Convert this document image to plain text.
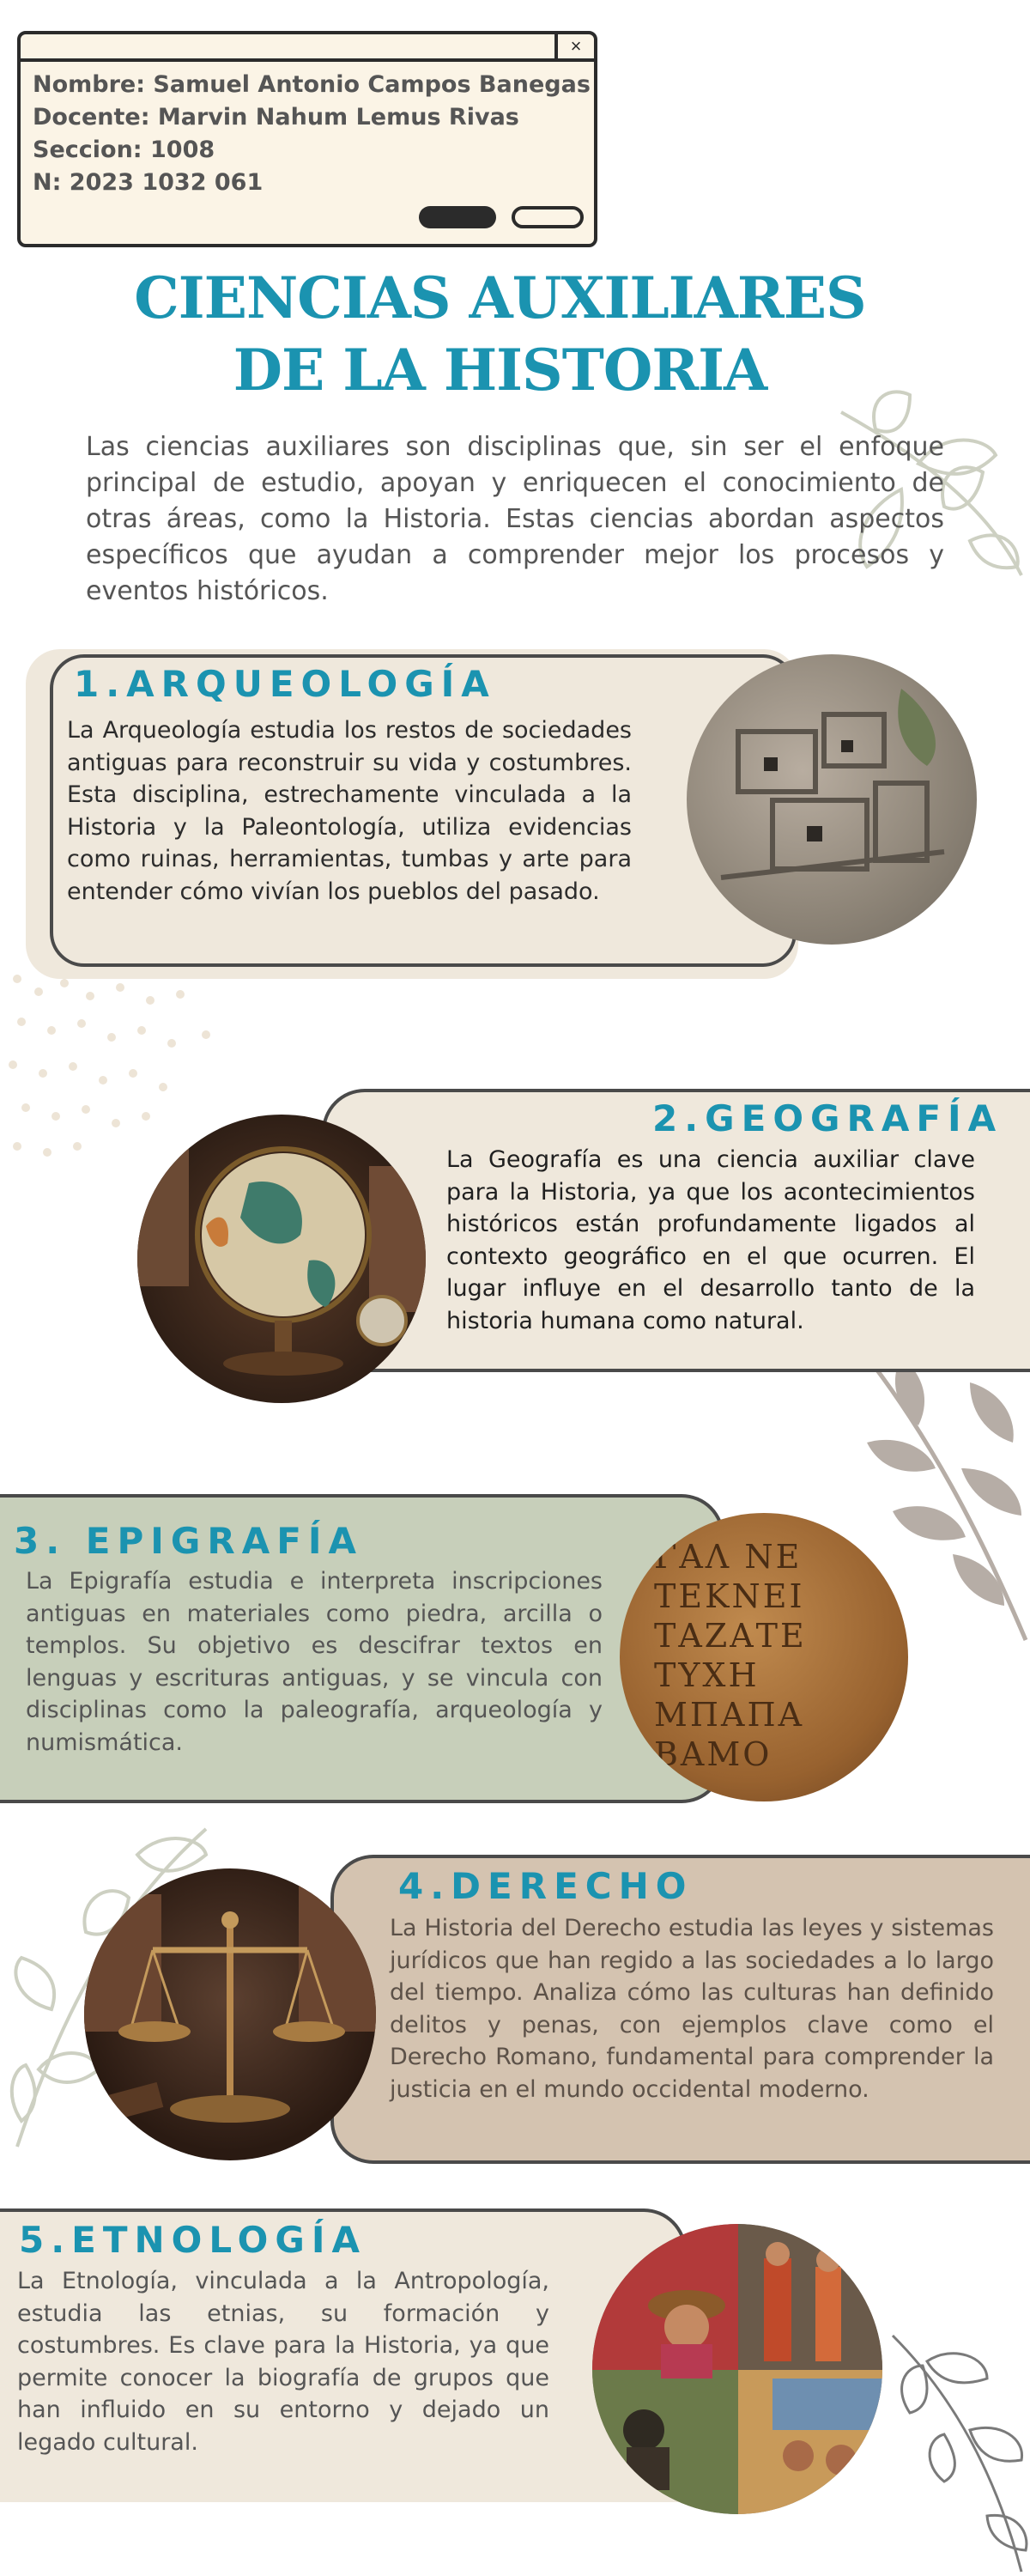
×
Nombre: Samuel Antonio Campos Banegas
Docente: Marvin Nahum Lemus Rivas
Seccion: 1008
N: 2023 1032 061
CIENCIAS AUXILIARES
DE LA HISTORIA
Las ciencias auxiliares son disciplinas que, sin ser el enfoque principal de estudio, apoyan y enriquecen el conocimiento de otras áreas, como la Historia. Estas ciencias abordan aspectos específicos que ayudan a comprender mejor los procesos y eventos históricos.
1.ARQUEOLOGÍA
La Arqueología estudia los restos de sociedades antiguas para reconstruir su vida y costumbres. Esta disciplina, estrechamente vinculada a la Historia y la Paleontología, utiliza evidencias como ruinas, herramientas, tumbas y arte para entender cómo vivían los pueblos del pasado.
2.GEOGRAFÍA
La Geografía es una ciencia auxiliar clave para la Historia, ya que los acontecimientos históricos están profundamente ligados al contexto geográfico en el que ocurren. El lugar influye en el desarrollo tanto de la historia humana como natural.
3. EPIGRAFÍA
La Epigrafía estudia e interpreta inscripciones antiguas en materiales como piedra, arcilla o templos. Su objetivo es descifrar textos en lenguas y escrituras antiguas, y se vincula con disciplinas como la paleografía, arqueología y numismática.
ΓΑΛ ΝΕ
ΤΕΚΝΕΙ
ΤΑΖΑΤΕ
ΤΥΧΗ
ΜΠΑΠΑ
ΒΑΜΟ
4.DERECHO
La Historia del Derecho estudia las leyes y sistemas jurídicos que han regido a las sociedades a lo largo del tiempo. Analiza cómo las culturas han definido delitos y penas, con ejemplos clave como el Derecho Romano, fundamental para comprender la justicia en el mundo occidental moderno.
5.ETNOLOGÍA
La Etnología, vinculada a la Antropología, estudia las etnias, su formación y costumbres. Es clave para la Historia, ya que permite conocer la biografía de grupos que han influido en su entorno y dejado un legado cultural.
